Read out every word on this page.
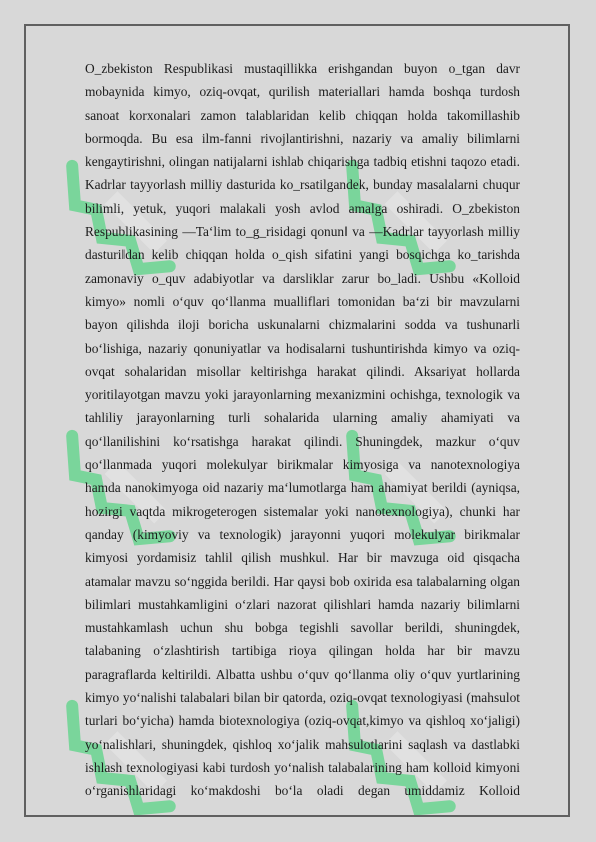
O_zbekiston Respublikasi mustaqillikka erishgandan buyon o_tgan davr mobaynida kimyo, oziq-ovqat, qurilish materiallari hamda boshqa turdosh sanoat korxonalari zamon talablaridan kelib chiqqan holda takomillashib bormoqda. Bu esa ilm-fanni rivojlantirishni, nazariy va amaliy bilimlarni kengaytirishni, olingan natijalarni ishlab chiqarishga tadbiq etishni taqozo etadi. Kadrlar tayyorlash milliy dasturida ko_rsatilgandek, bunday masalalarni chuqur bilimli, yetuk, yuqori malakali yosh avlod amalga oshiradi. O_zbekiston Respublikasining ―Ta‘lim to_g_risidagi qonun‖ va ―Kadrlar tayyorlash milliy dasturi‖dan kelib chiqqan holda o_qish sifatini yangi bosqichga ko_tarishda zamonaviy o_quv adabiyotlar va darsliklar zarur bo_ladi. Ushbu «Kolloid kimyo» nomli o‘quv qo‘llanma mualliflari tomonidan ba‘zi bir mavzularni bayon qilishda iloji boricha uskunalarni chizmalarini sodda va tushunarli bo‘lishiga, nazariy qonuniyatlar va hodisalarni tushuntirishda kimyo va oziq-ovqat sohalaridan misollar keltirishga harakat qilindi. Aksariyat hollarda yoritilayotgan mavzu yoki jarayonlarning mexanizmini ochishga, texnologik va tahliliy jarayonlarning turli sohalarida ularning amaliy ahamiyati va qo‘llanilishini ko‘rsatishga harakat qilindi. Shuningdek, mazkur o‘quv qo‘llanmada yuqori molekulyar birikmalar kimyosiga va nanotexnologiya hamda nanokimyoga oid nazariy ma‘lumotlarga ham ahamiyat berildi (ayniqsa, hozirgi vaqtda mikrogeterogen sistemalar yoki nanotexnologiya), chunki har qanday (kimyoviy va texnologik) jarayonni yuqori molekulyar birikmalar kimyosi yordamisiz tahlil qilish mushkul. Har bir mavzuga oid qisqacha atamalar mavzu so‘nggida berildi. Har qaysi bob oxirida esa talabalarning olgan bilimlari mustahkamligini o‘zlari nazorat qilishlari hamda nazariy bilimlarni mustahkamlash uchun shu bobga tegishli savollar berildi, shuningdek, talabaning o‘zlashtirish tartibiga rioya qilingan holda har bir mavzu paragraflarda keltirildi. Albatta ushbu o‘quv qo‘llanma oliy o‘quv yurtlarining kimyo yo‘nalishi talabalari bilan bir qatorda, oziq-ovqat texnologiyasi (mahsulot turlari bo‘yicha) hamda biotexnologiya (oziq-ovqat,kimyo va qishloq xo‘jaligi) yo‘nalishlari, shuningdek, qishloq xo‘jalik mahsulotlarini saqlash va dastlabki ishlash texnologiyasi kabi turdosh yo‘nalish talabalarining ham kolloid kimyoni o‘rganishlaridagi ko‘makdoshi bo‘la oladi degan umiddamiz Kolloid
